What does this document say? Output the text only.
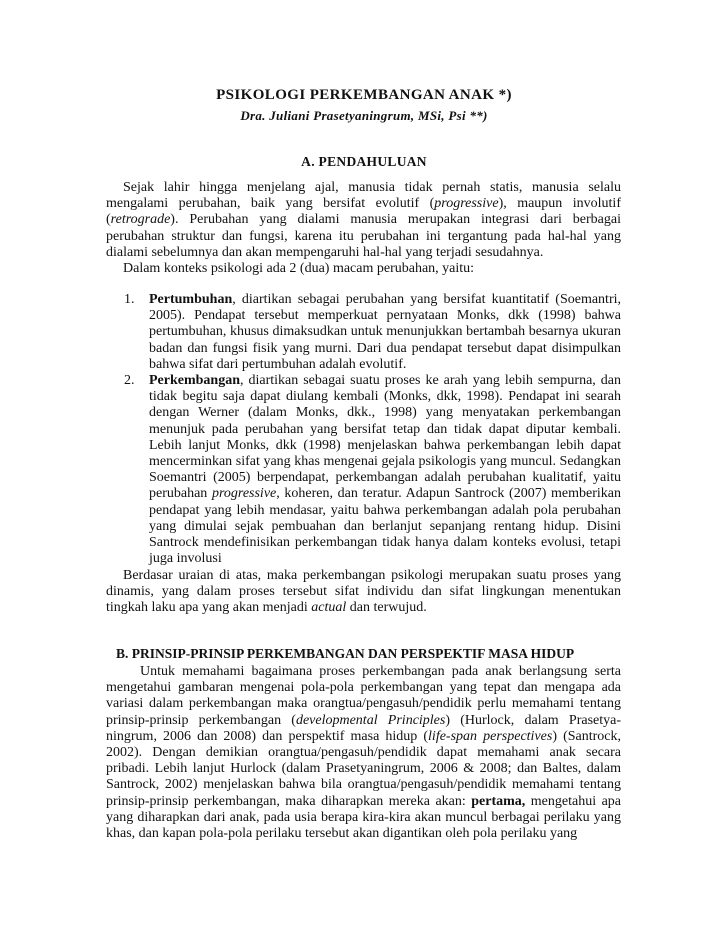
PSIKOLOGI PERKEMBANGAN ANAK *)
Dra. Juliani Prasetyaningrum, MSi, Psi **)
A. PENDAHULUAN

Sejak lahir hingga menjelang ajal, manusia tidak pernah statis, manusia selalu mengalami perubahan, baik yang bersifat evolutif (progressive), maupun involutif (retrograde). Perubahan yang dialami manusia merupakan integrasi dari berbagai perubahan struktur dan fungsi, karena itu perubahan ini tergantung pada hal-hal yang dialami sebelumnya dan akan mempengaruhi hal-hal yang terjadi sesudahnya.

Dalam konteks psikologi ada 2 (dua) macam perubahan, yaitu:

1. Pertumbuhan, diartikan sebagai perubahan yang bersifat kuantitatif (Soemantri, 2005). Pendapat tersebut memperkuat pernyataan Monks, dkk (1998) bahwa pertumbuhan, khusus dimaksudkan untuk menunjukkan bertambah besarnya ukuran badan dan fungsi fisik yang murni. Dari dua pendapat tersebut dapat disimpulkan bahwa sifat dari pertumbuhan adalah evolutif.
2. Perkembangan, diartikan sebagai suatu proses ke arah yang lebih sempurna, dan tidak begitu saja dapat diulang kembali (Monks, dkk, 1998). Pendapat ini searah dengan Werner (dalam Monks, dkk., 1998) yang menyatakan perkembangan menunjuk pada perubahan yang bersifat tetap dan tidak dapat diputar kembali. Lebih lanjut Monks, dkk (1998) menjelaskan bahwa perkembangan lebih dapat mencerminkan sifat yang khas mengenai gejala psikologis yang muncul. Sedangkan Soemantri (2005) berpendapat, perkembangan adalah perubahan kualitatif, yaitu perubahan progressive, koheren, dan teratur. Adapun Santrock (2007) memberikan pendapat yang lebih mendasar, yaitu bahwa perkembangan adalah pola perubahan yang dimulai sejak pembuahan dan berlanjut sepanjang rentang hidup. Disini Santrock mendefinisikan perkembangan tidak hanya dalam konteks evolusi, tetapi juga involusi

Berdasar uraian di atas, maka perkembangan psikologi merupakan suatu proses yang dinamis, yang dalam proses tersebut sifat individu dan sifat lingkungan menentukan tingkah laku apa yang akan menjadi actual dan terwujud.

B. PRINSIP-PRINSIP PERKEMBANGAN DAN PERSPEKTIF MASA HIDUP

Untuk memahami bagaimana proses perkembangan pada anak berlangsung serta mengetahui gambaran mengenai pola-pola perkembangan yang tepat dan mengapa ada variasi dalam perkembangan maka orangtua/pengasuh/pendidik perlu memahami tentang prinsip-prinsip perkembangan (developmental Principles) (Hurlock, dalam Prasetya-ningrum, 2006 dan 2008) dan perspektif masa hidup (life-span perspectives) (Santrock, 2002). Dengan demikian orangtua/pengasuh/pendidik dapat memahami anak secara pribadi. Lebih lanjut Hurlock (dalam Prasetyaningrum, 2006 & 2008; dan Baltes, dalam Santrock, 2002) menjelaskan bahwa bila orangtua/pengasuh/pendidik memahami tentang prinsip-prinsip perkembangan, maka diharapkan mereka akan: pertama, mengetahui apa yang diharapkan dari anak, pada usia berapa kira-kira akan muncul berbagai perilaku yang khas, dan kapan pola-pola perilaku tersebut akan digantikan oleh pola perilaku yang
